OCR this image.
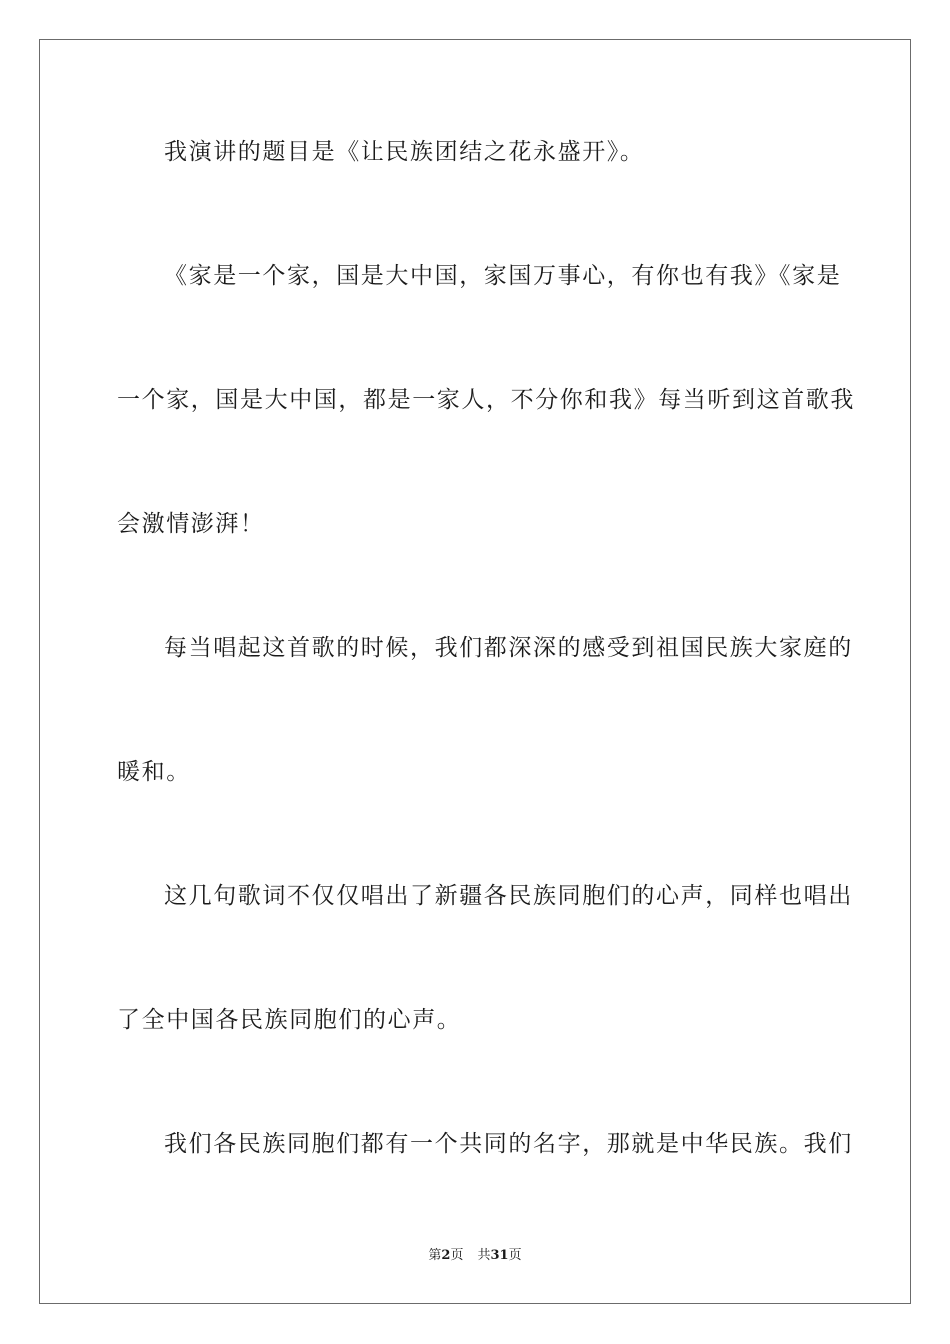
我演讲的题目是《让民族团结之花永盛开》。
《家是一个家，国是大中国，家国万事心，有你也有我》《家是
一个家，国是大中国，都是一家人，不分你和我》每当听到这首歌我
会激情澎湃！
每当唱起这首歌的时候，我们都深深的感受到祖国民族大家庭的
暖和。
这几句歌词不仅仅唱出了新疆各民族同胞们的心声，同样也唱出
了全中国各民族同胞们的心声。
我们各民族同胞们都有一个共同的名字，那就是中华民族。我们
第2页 共31页
